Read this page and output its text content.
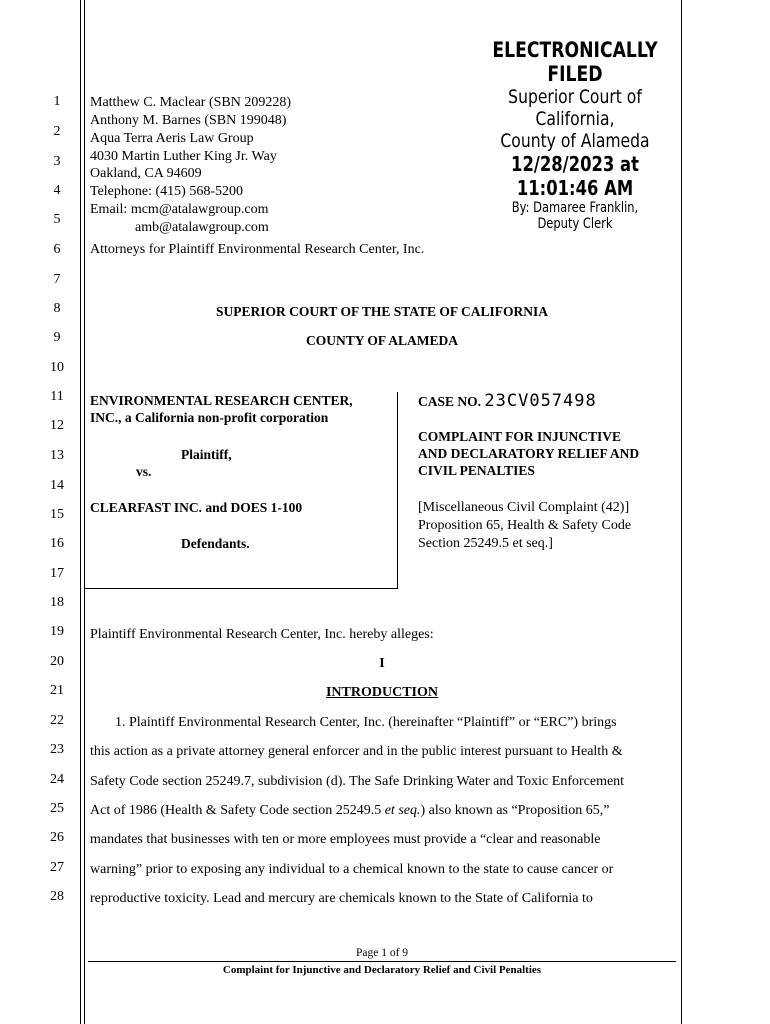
ELECTRONICALLY FILED
Superior Court of California,
County of Alameda
12/28/2023 at 11:01:46 AM
By: Damaree Franklin,
Deputy Clerk
1
2
3
4
5
6
7
8
9
10
11
12
13
14
15
16
17
18
19
20
21
22
23
24
25
26
27
28
Matthew C. Maclear (SBN 209228)
Anthony M. Barnes (SBN 199048)
Aqua Terra Aeris Law Group
4030 Martin Luther King Jr. Way
Oakland, CA 94609
Telephone: (415) 568-5200
Email: mcm@atalawgroup.com
amb@atalawgroup.com
Attorneys for Plaintiff Environmental Research Center, Inc.
SUPERIOR COURT OF THE STATE OF CALIFORNIA
COUNTY OF ALAMEDA
ENVIRONMENTAL RESEARCH CENTER,
INC., a California non-profit corporation
Plaintiff,
vs.
CLEARFAST INC. and DOES 1-100
Defendants.
CASE NO. 23CV057498
COMPLAINT FOR INJUNCTIVE
AND DECLARATORY RELIEF AND
CIVIL PENALTIES
[Miscellaneous Civil Complaint (42)]
Proposition 65, Health & Safety Code
Section 25249.5 et seq.]
Plaintiff Environmental Research Center, Inc. hereby alleges:
I
INTRODUCTION
1. Plaintiff Environmental Research Center, Inc. (hereinafter “Plaintiff” or “ERC”) brings
this action as a private attorney general enforcer and in the public interest pursuant to Health &
Safety Code section 25249.7, subdivision (d). The Safe Drinking Water and Toxic Enforcement
Act of 1986 (Health & Safety Code section 25249.5 et seq.) also known as “Proposition 65,”
mandates that businesses with ten or more employees must provide a “clear and reasonable
warning” prior to exposing any individual to a chemical known to the state to cause cancer or
reproductive toxicity. Lead and mercury are chemicals known to the State of California to
Page 1 of 9
Complaint for Injunctive and Declaratory Relief and Civil Penalties
